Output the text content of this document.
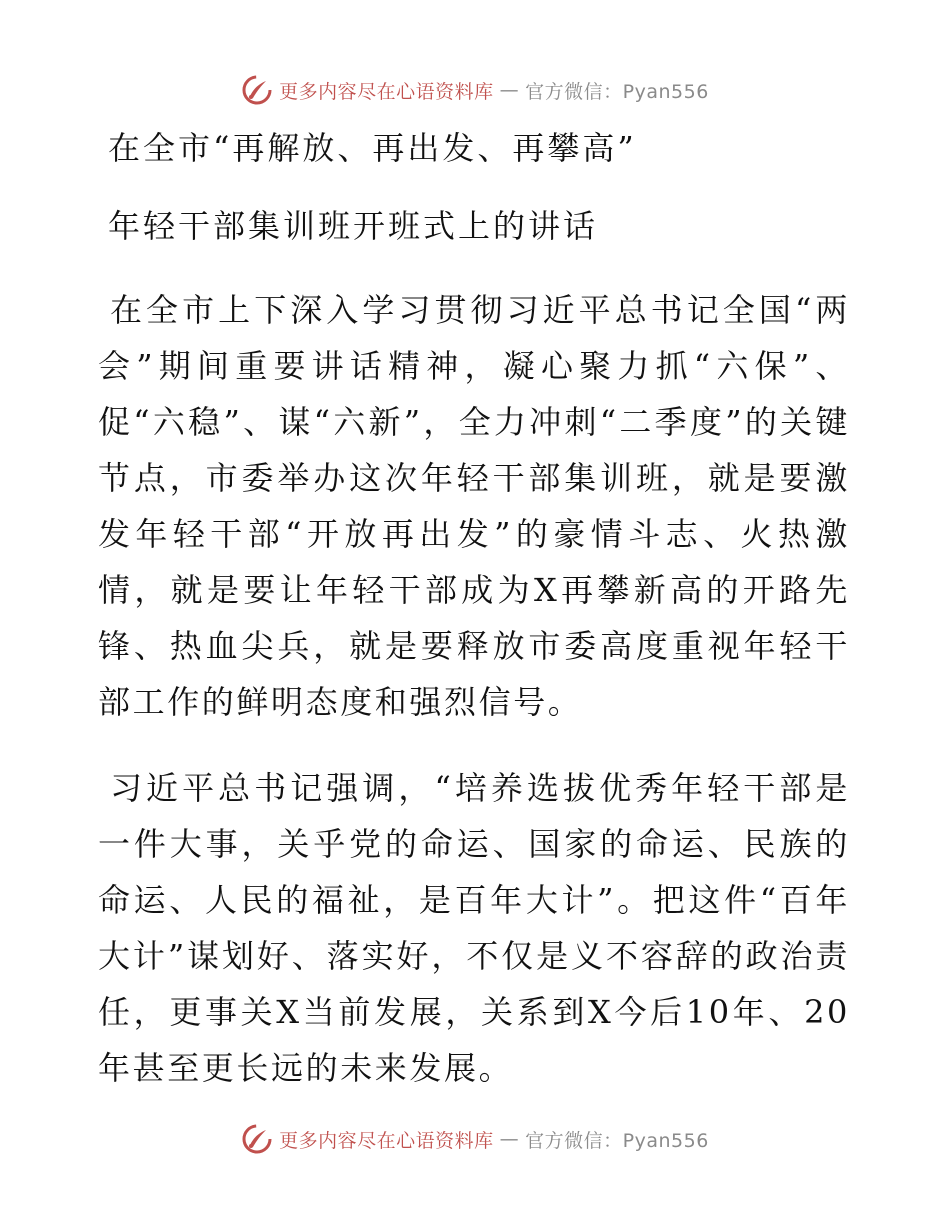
更多内容尽在心语资料库 — 官方微信：Pyan556
在全市“再解放、再出发、再攀高”
年轻干部集训班开班式上的讲话

在全市上下深入学习贯彻习近平总书记全国“两会”期间重要讲话精神，凝心聚力抓“六保”、促“六稳”、谋“六新”，全力冲刺“二季度”的关键节点，市委举办这次年轻干部集训班，就是要激发年轻干部“开放再出发”的豪情斗志、火热激情，就是要让年轻干部成为X再攀新高的开路先锋、热血尖兵，就是要释放市委高度重视年轻干部工作的鲜明态度和强烈信号。

习近平总书记强调，“培养选拔优秀年轻干部是一件大事，关乎党的命运、国家的命运、民族的命运、人民的福祉，是百年大计”。把这件“百年大计”谋划好、落实好，不仅是义不容辞的政治责任，更事关X当前发展，关系到X今后10年、20年甚至更长远的未来发展。

更多内容尽在心语资料库 — 官方微信：Pyan556
